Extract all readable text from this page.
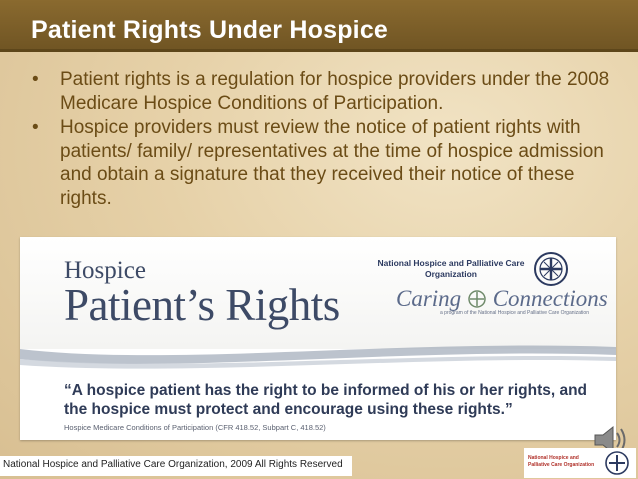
Patient Rights Under Hospice
• Patient rights is a regulation for hospice providers under the 2008 Medicare Hospice Conditions of Participation.
• Hospice providers must review the notice of patient rights with patients/ family/ representatives at the time of hospice admission and obtain a signature that they received their notice of these rights.
Hospice
Patient’s Rights
National Hospice and Palliative Care Organization
Caring Connections
a program of the National Hospice and Palliative Care Organization
“A hospice patient has the right to be informed of his or her rights, and the hospice must protect and encourage using these rights.”
Hospice Medicare Conditions of Participation (CFR 418.52, Subpart C, 418.52)
National Hospice and Palliative Care Organization, 2009 All Rights Reserved
National Hospice and Palliative Care Organization
